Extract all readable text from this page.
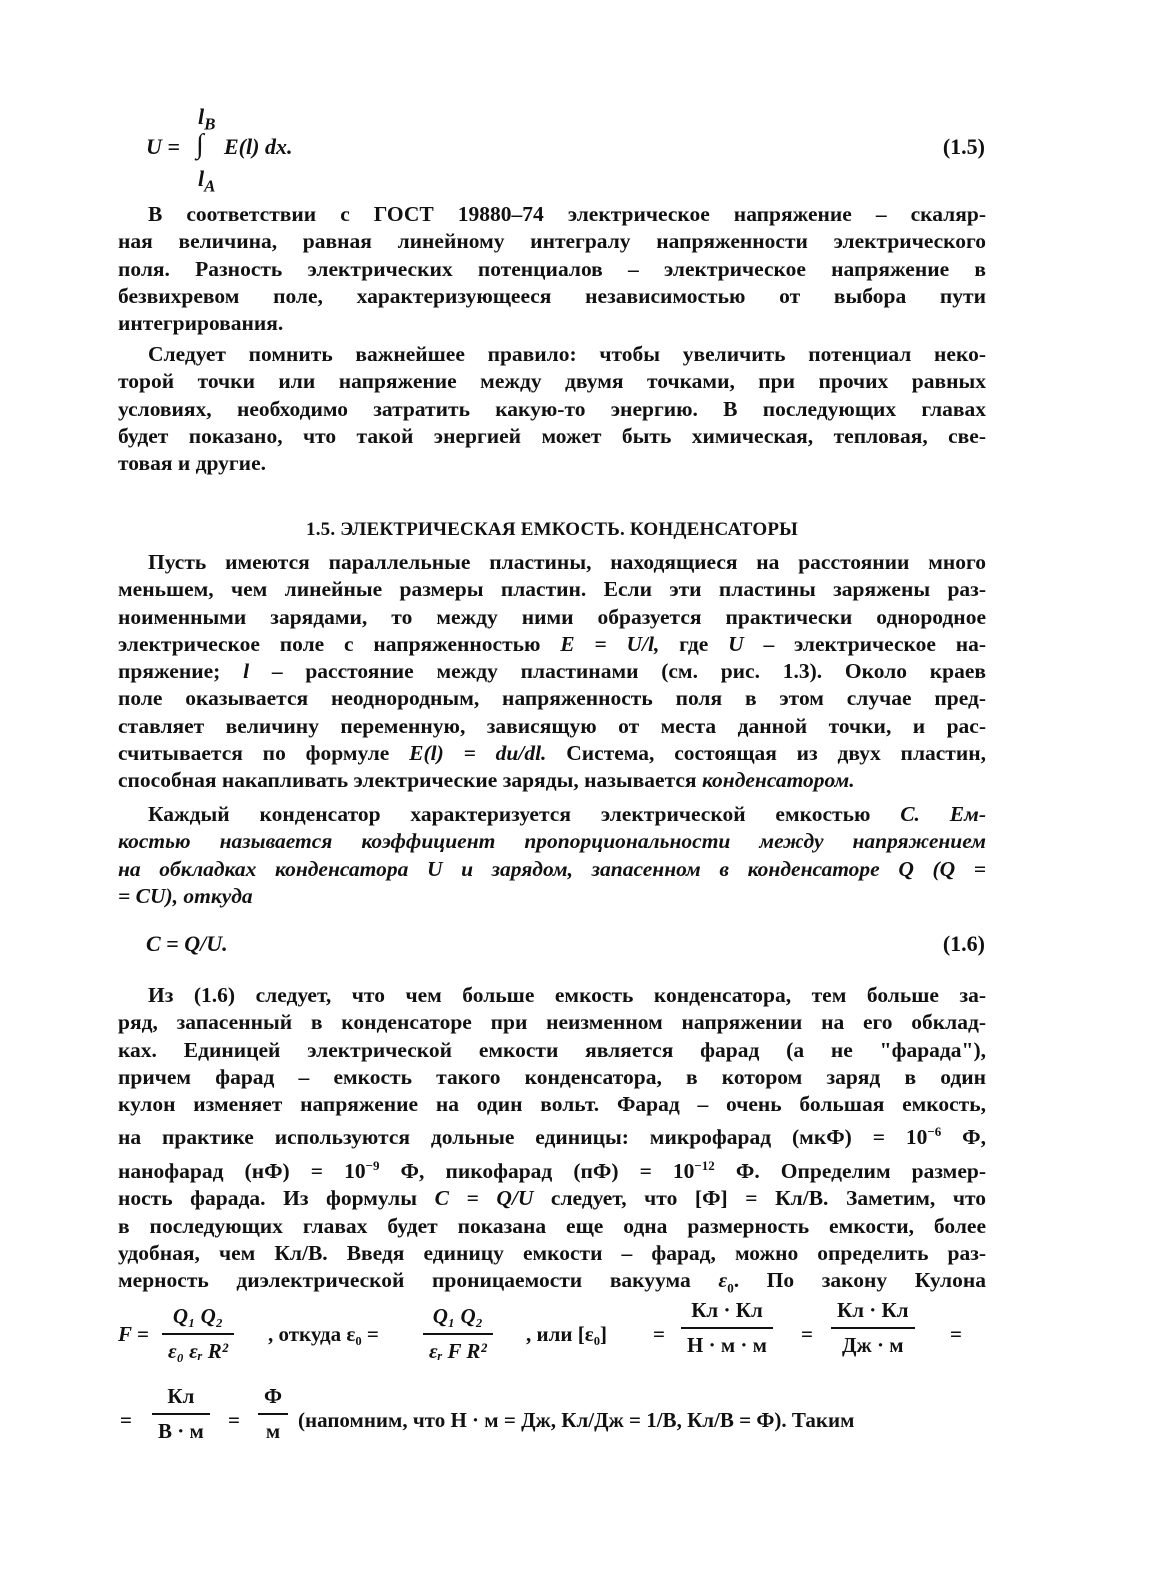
$l_B$
U = ∫ E(l) dx.
$l_A$
(1.5)
В соответствии с ГОСТ 19880–74 электрическое напряжение – скаляр-
ная величина, равная линейному интегралу напряженности электрического
поля. Разность электрических потенциалов – электрическое напряжение в
безвихревом поле, характеризующееся независимостью от выбора пути
интегрирования.
Следует помнить важнейшее правило: чтобы увеличить потенциал неко-
торой точки или напряжение между двумя точками, при прочих равных
условиях, необходимо затратить какую-то энергию. В последующих главах
будет показано, что такой энергией может быть химическая, тепловая, све-
товая и другие.
1.5. ЭЛЕКТРИЧЕСКАЯ ЕМКОСТЬ. КОНДЕНСАТОРЫ
Пусть имеются параллельные пластины, находящиеся на расстоянии много
меньшем, чем линейные размеры пластин. Если эти пластины заряжены раз-
ноименными зарядами, то между ними образуется практически однородное
электрическое поле с напряженностью E = U/l, где U – электрическое на-
пряжение; l – расстояние между пластинами (см. рис. 1.3). Около краев
поле оказывается неоднородным, напряженность поля в этом случае пред-
ставляет величину переменную, зависящую от места данной точки, и рас-
считывается по формуле E(l) = du/dl. Система, состоящая из двух пластин,
способная накапливать электрические заряды, называется конденсатором.
Каждый конденсатор характеризуется электрической емкостью C. Ем-
костью называется коэффициент пропорциональности между напряжением
на обкладках конденсатора U и зарядом, запасенном в конденсаторе Q (Q =
= CU), откуда
C = Q/U.	(1.6)
Из (1.6) следует, что чем больше емкость конденсатора, тем больше за-
ряд, запасенный в конденсаторе при неизменном напряжении на его обклад-
ках. Единицей электрической емкости является фарад (а не "фарада"),
причем фарад – емкость такого конденсатора, в котором заряд в один
кулон изменяет напряжение на один вольт. Фарад – очень большая емкость,
на практике используются дольные единицы: микрофарад $(мкФ) = 10^{-6}$ Ф,
нанофарад $(нФ) = 10^{-9}$ Ф, пикофарад $(пФ) = 10^{-12}$ Ф. Определим размер-
ность фарада. Из формулы C = Q/U следует, что [Ф] = Кл/В. Заметим, что
в последующих главах будет показана еще одна размерность емкости, более
удобная, чем Кл/В. Введя единицу емкости – фарад, можно определить раз-
мерность диэлектрической проницаемости вакуума $\varepsilon_0$. По закону Кулона
$F = \frac{\text{Q₁ Q₂}}{\text{ε₀ εᵣ R²}}$ , откуда $\varepsilon_0 = \frac{\text{Q₁ Q₂}}{\text{εᵣ F R²}}$ , или [ε₀] =
Кл · Кл
Н · м · м =
Кл · Кл
Дж · м	=
=
Кл
В · м =
Ф
м (напомним, что Н · м = Дж, Кл/Дж = 1/В, Кл/В = Ф). Таким
